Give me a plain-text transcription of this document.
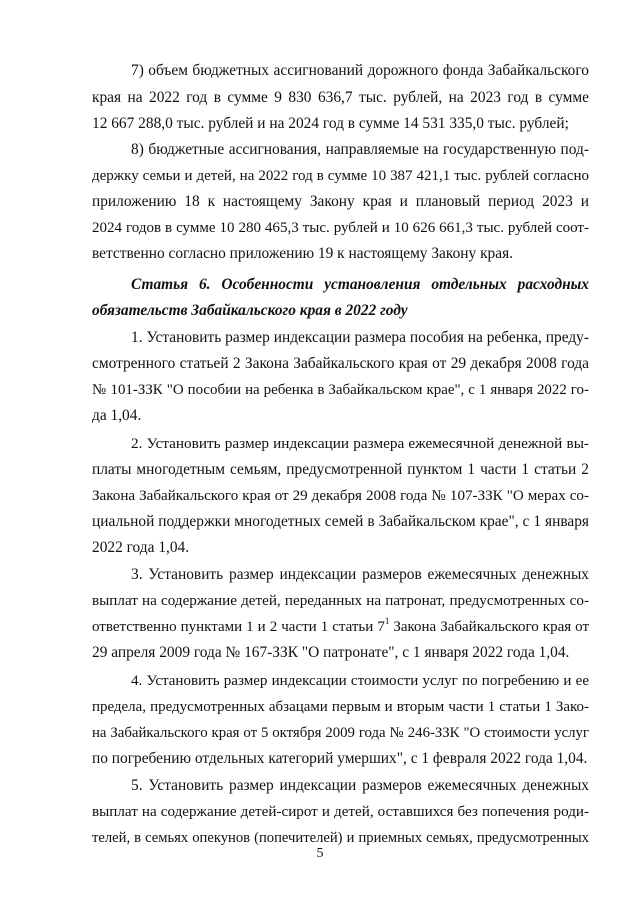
7) объем бюджетных ассигнований дорожного фонда Забайкальского
края на 2022 год в сумме 9 830 636,7 тыс. рублей, на 2023 год в сумме
12 667 288,0 тыс. рублей и на 2024 год в сумме 14 531 335,0 тыс. рублей;
8) бюджетные ассигнования, направляемые на государственную под-
держку семьи и детей, на 2022 год в сумме 10 387 421,1 тыс. рублей согласно
приложению 18 к настоящему Закону края и плановый период 2023 и
2024 годов в сумме 10 280 465,3 тыс. рублей и 10 626 661,3 тыс. рублей соот-
ветственно согласно приложению 19 к настоящему Закону края.
Статья 6. Особенности установления отдельных расходных
обязательств Забайкальского края в 2022 году
1. Установить размер индексации размера пособия на ребенка, преду-
смотренного статьей 2 Закона Забайкальского края от 29 декабря 2008 года
№ 101-ЗЗК "О пособии на ребенка в Забайкальском крае", с 1 января 2022 го-
да 1,04.
2. Установить размер индексации размера ежемесячной денежной вы-
платы многодетным семьям, предусмотренной пунктом 1 части 1 статьи 2
Закона Забайкальского края от 29 декабря 2008 года № 107-ЗЗК "О мерах со-
циальной поддержки многодетных семей в Забайкальском крае", с 1 января
2022 года 1,04.
3. Установить размер индексации размеров ежемесячных денежных
выплат на содержание детей, переданных на патронат, предусмотренных со-
ответственно пунктами 1 и 2 части 1 статьи $7^1$ Закона Забайкальского края от
29 апреля 2009 года № 167-ЗЗК "О патронате", с 1 января 2022 года 1,04.
4. Установить размер индексации стоимости услуг по погребению и ее
предела, предусмотренных абзацами первым и вторым части 1 статьи 1 Зако-
на Забайкальского края от 5 октября 2009 года № 246-ЗЗК "О стоимости услуг
по погребению отдельных категорий умерших", с 1 февраля 2022 года 1,04.
5. Установить размер индексации размеров ежемесячных денежных
выплат на содержание детей-сирот и детей, оставшихся без попечения роди-
телей, в семьях опекунов (попечителей) и приемных семьях, предусмотренных
5
